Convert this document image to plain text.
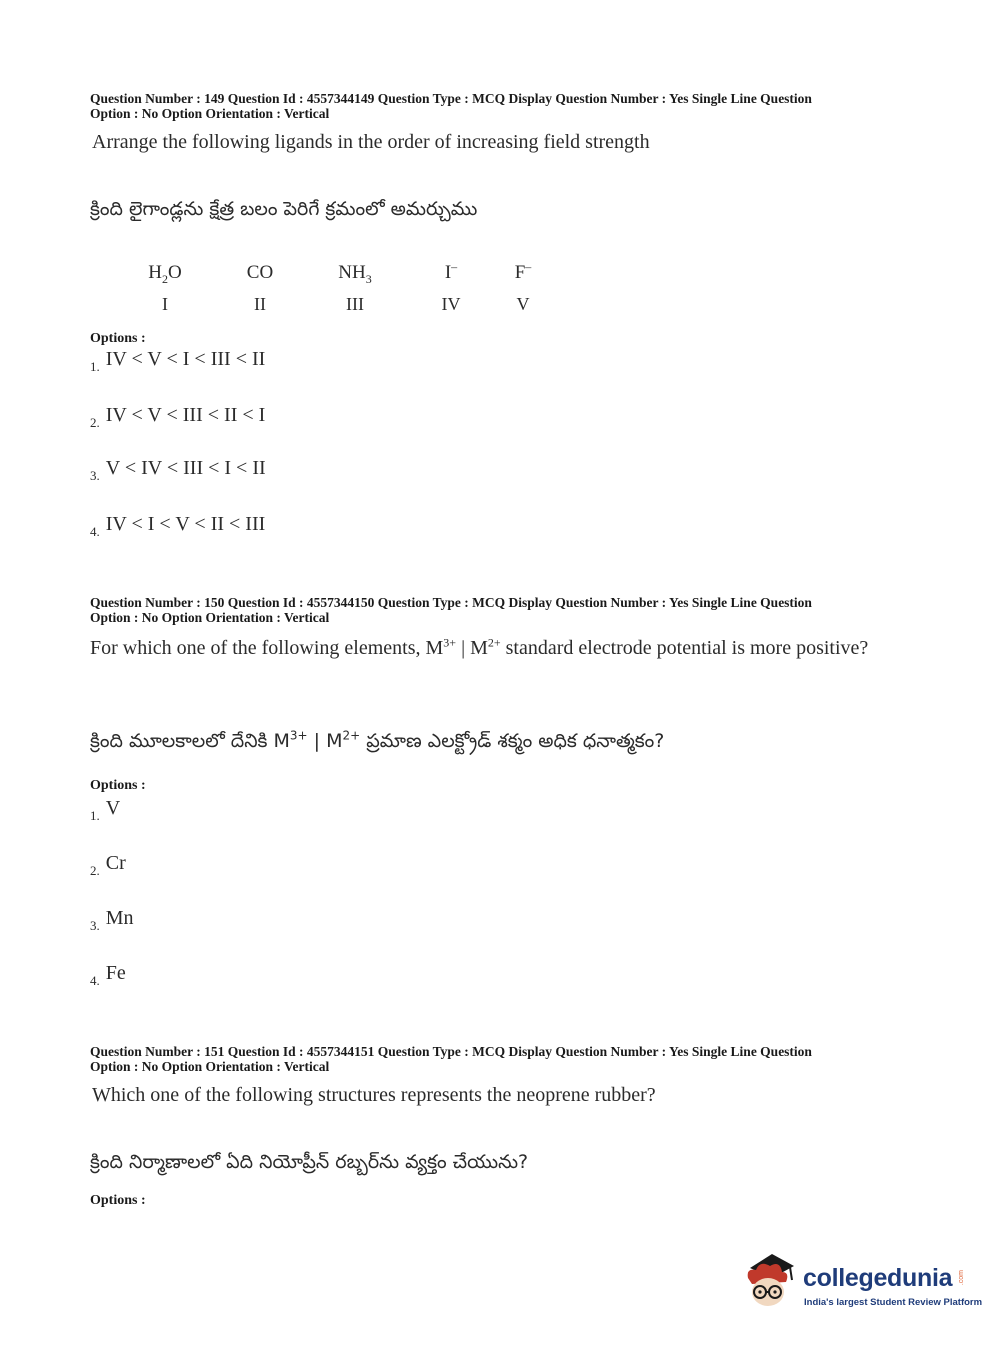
Question Number : 149 Question Id : 4557344149 Question Type : MCQ Display Question Number : Yes Single Line Question
Option : No Option Orientation : Vertical
Arrange the following ligands in the order of increasing field strength
క్రింది లైగాండ్లను క్షేత్ర బలం పెరిగే క్రమంలో అమర్చుము
$H_2O$	CO	$NH_3$	I–	F–
I	II	III	IV	V
Options :
$_{1.}$ IV < V < I < III < II
$_{2.}$ IV < V < III < II < I
$_{3.}$ V < IV < III < I < II
$_{4.}$ IV < I < V < II < III
Question Number : 150 Question Id : 4557344150 Question Type : MCQ Display Question Number : Yes Single Line Question
Option : No Option Orientation : Vertical
For which one of the following elements, $M^{3+}$ | $M^{2+}$ standard electrode potential is more positive?
క్రింది మూలకాలలో దేనికి $M^{3+}$ | $M^{2+}$ ప్రమాణ ఎలక్ట్రోడ్ శక్మం అధిక ధనాత్మకం?
Options :
$_{1.}$ V
$_{2.}$ Cr
$_{3.}$ Mn
$_{4.}$ Fe
Question Number : 151 Question Id : 4557344151 Question Type : MCQ Display Question Number : Yes Single Line Question
Option : No Option Orientation : Vertical
Which one of the following structures represents the neoprene rubber?
క్రింది నిర్మాణాలలో ఏది నియోప్రీన్ రబ్బర్‌ను వ్యక్తం చేయును?
Options :
collegedunia .com
India's largest Student Review Platform
